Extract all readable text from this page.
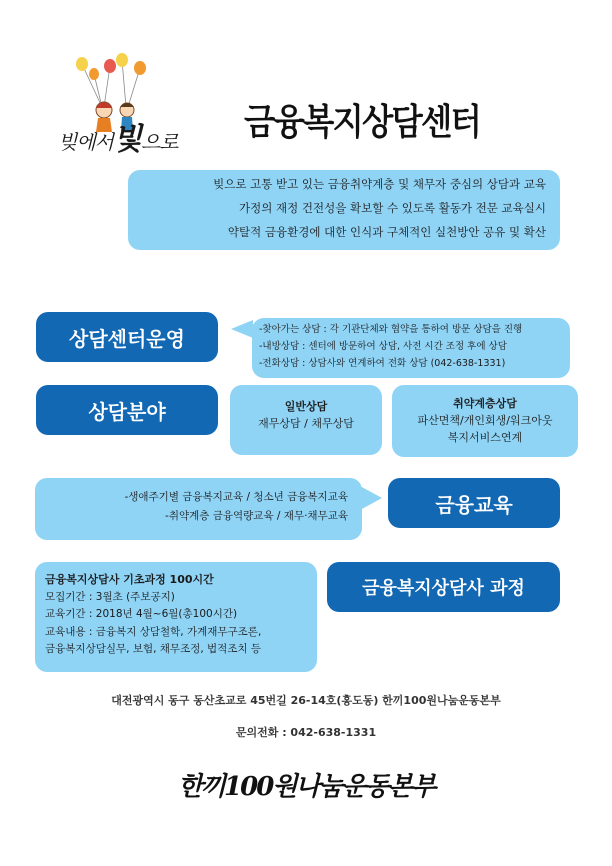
빚에서빛으로 금융복지상담센터
빚으로 고통 받고 있는 금융취약계층 및 채무자 중심의 상담과 교육
가정의 재정 건전성을 확보할 수 있도록 활동가 전문 교육실시
약탈적 금융환경에 대한 인식과 구체적인 실천방안 공유 및 확산
상담센터운영	-찾아가는 상담 : 각 기관단체와 협약을 통하여 방문 상담을 진행
-내방상담 : 센터에 방문하여 상담, 사전 시간 조정 후에 상담
-전화상담 : 상담사와 연계하여 전화 상담 (042-638-1331)
상담분야	일반상담
재무상담 / 채무상담
취약계층상담
파산면책/개인회생/워크아웃
복지서비스연계
-생애주기별 금융복지교육 / 청소년 금융복지교육
-취약계층 금융역량교육 / 재무·채무교육	금융교육
금융복지상담사 기초과정 100시간
모집기간 : 3월초 (주보공지)
교육기간 : 2018년 4월~6월(총100시간)
교육내용 : 금융복지 상담철학, 가계재무구조론,
금융복지상담실무, 보험, 채무조정, 법적조치 등
금융복지상담사 과정
대전광역시 동구 동산초교로 45번길 26-14호(홍도동) 한끼100원나눔운동본부
문의전화 : 042-638-1331
한끼100원나눔운동본부
